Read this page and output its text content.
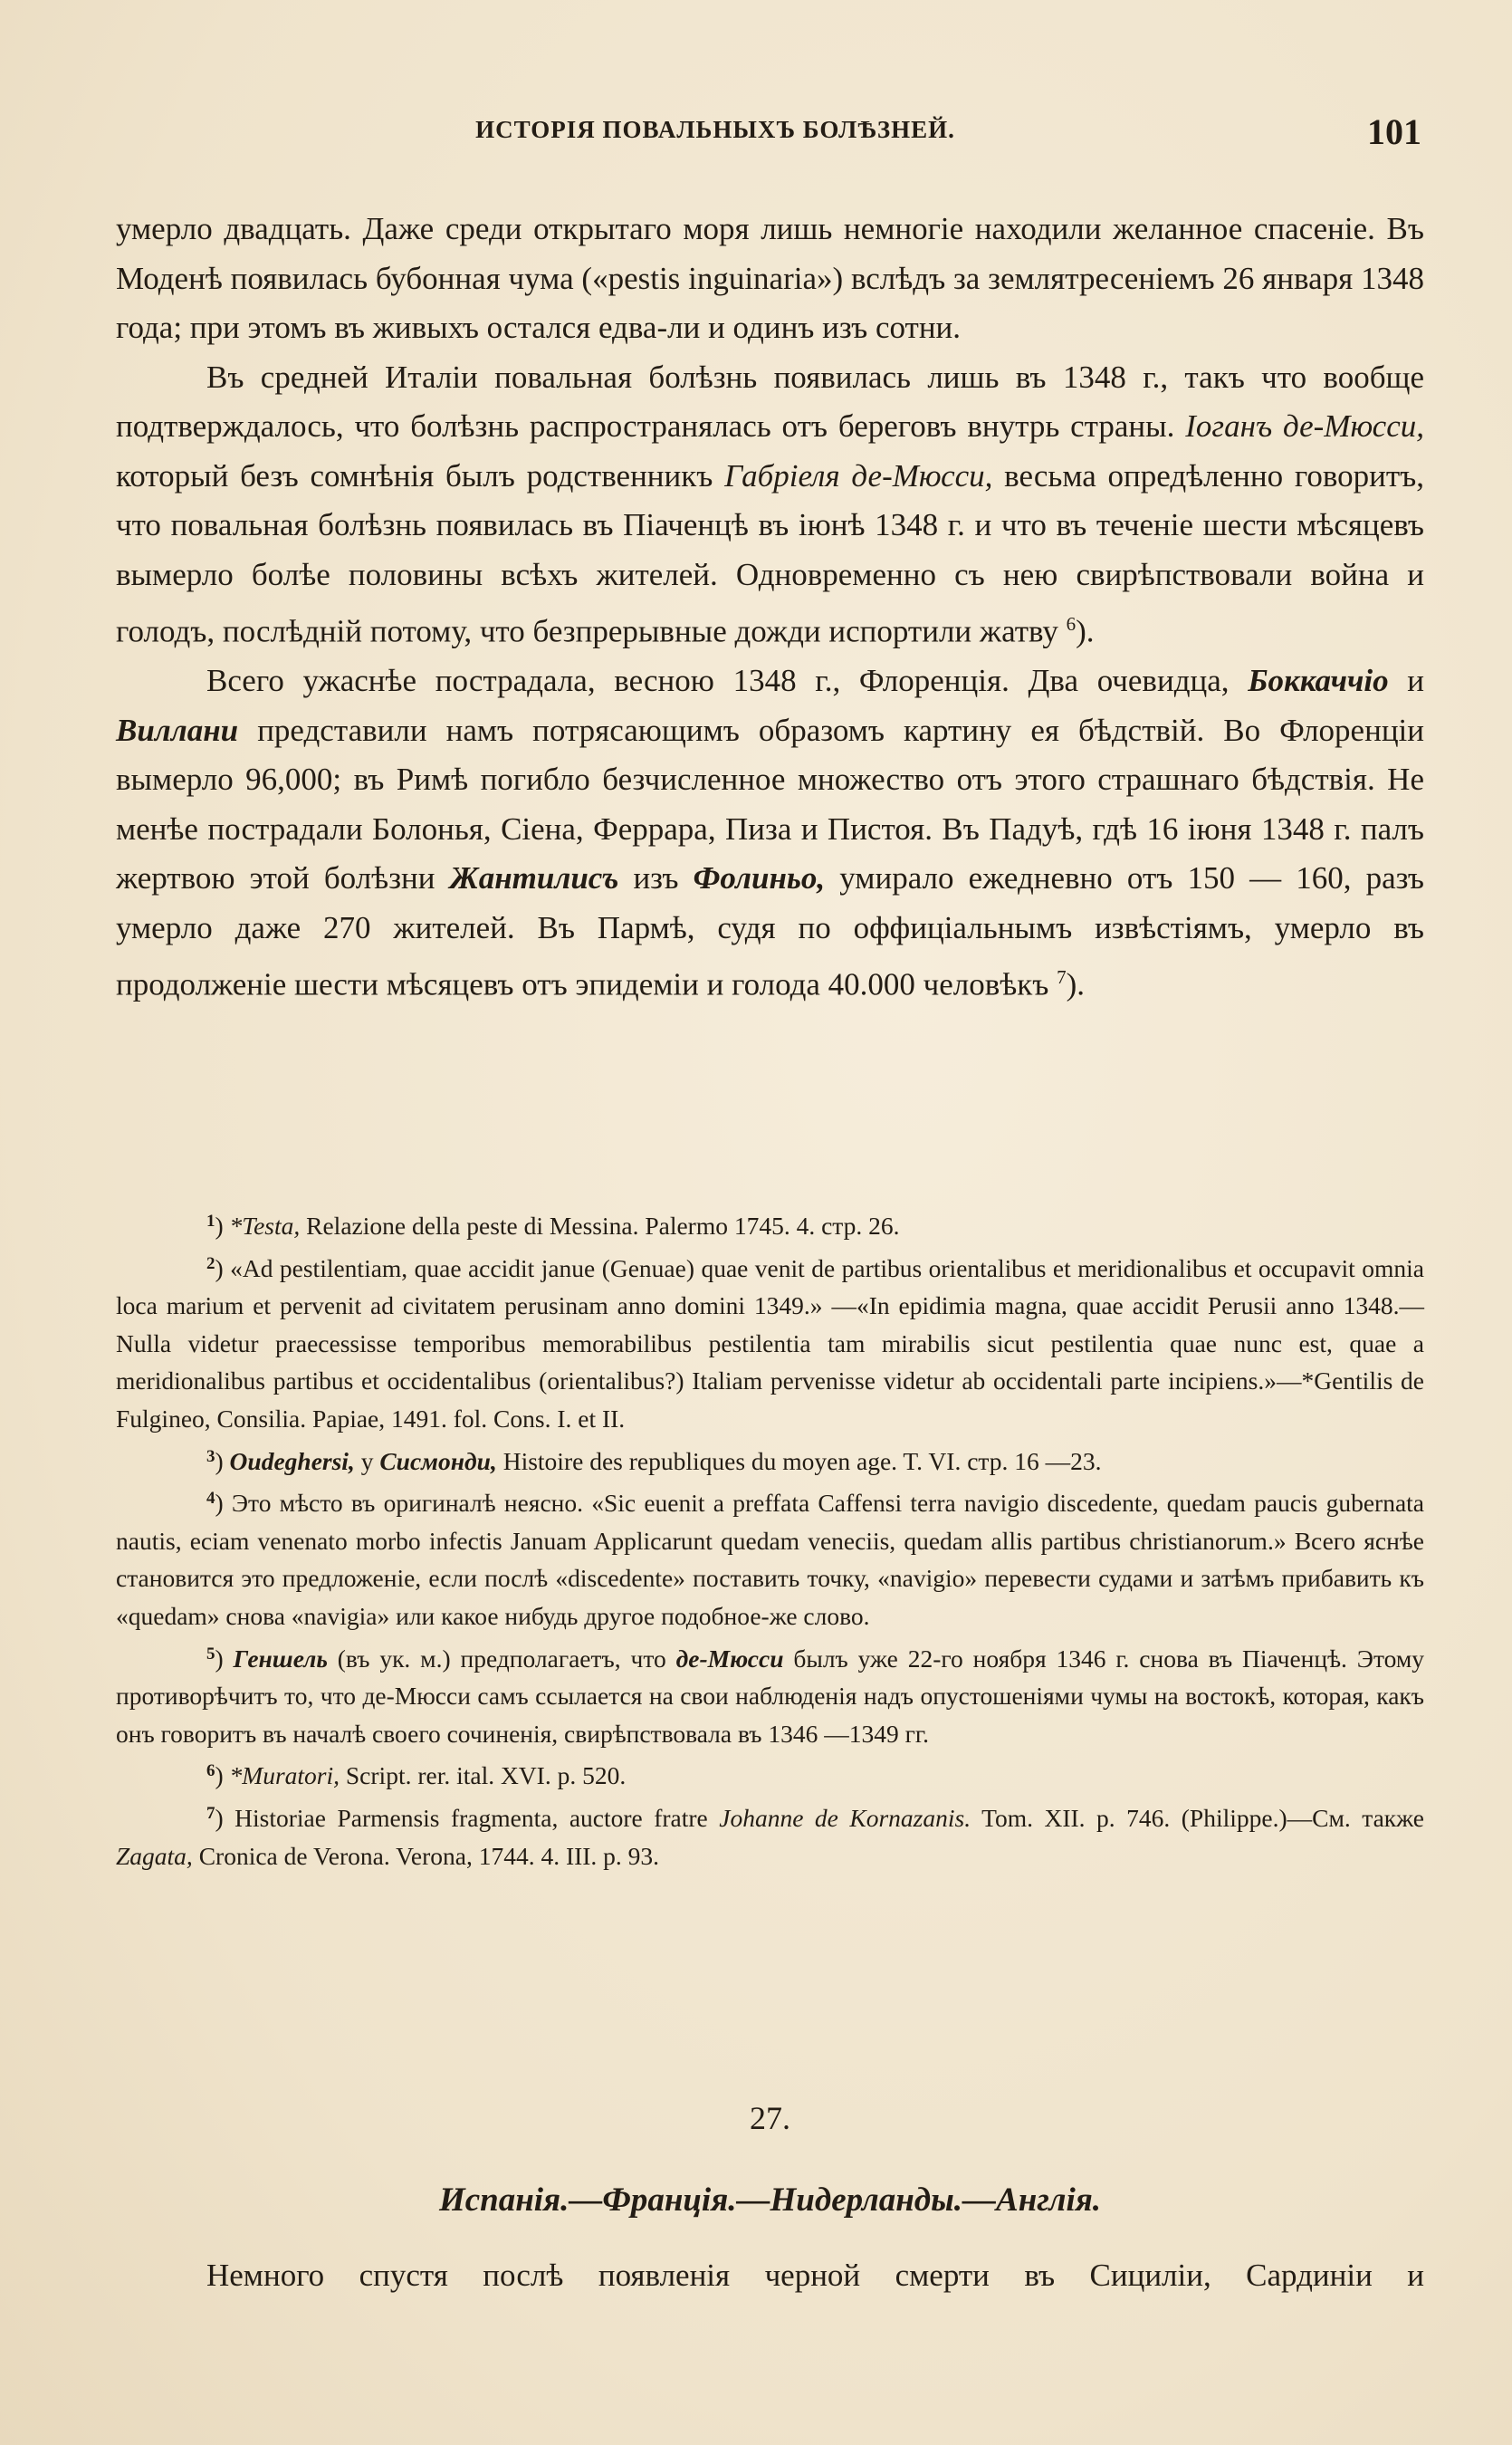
ИСТОРІЯ ПОВАЛЬНЫХЪ БОЛѢЗНЕЙ.	101

умерло двадцать. Даже среди открытаго моря лишь немногіе находили желанное спасеніе. Въ Моденѣ появилась бубонная чума («pestis inguinaria») вслѣдъ за землятресеніемъ 26 января 1348 года; при этомъ въ живыхъ остался едва-ли и одинъ изъ сотни.

Въ средней Италіи повальная болѣзнь появилась лишь въ 1348 г., такъ что вообще подтверждалось, что болѣзнь распространялась отъ береговъ внутрь страны. Іоганъ де-Мюсси, который безъ сомнѣнія былъ родственникъ Габріеля де-Мюсси, весьма опредѣленно говоритъ, что повальная болѣзнь появилась въ Піаченцѣ въ іюнѣ 1348 г. и что въ теченіе шести мѣсяцевъ вымерло болѣе половины всѣхъ жителей. Одновременно съ нею свирѣпствовали война и голодъ, послѣдній потому, что безпрерывные дожди испортили жатву $^6$).

Всего ужаснѣе пострадала, весною 1348 г., Флоренція. Два очевидца, Боккаччіо и Виллани представили намъ потрясающимъ образомъ картину ея бѣдствій. Во Флоренціи вымерло 96,000; въ Римѣ погибло безчисленное множество отъ этого страшнаго бѣдствія. Не менѣе пострадали Болонья, Сіена, Феррара, Пиза и Пистоя. Въ Падуѣ, гдѣ 16 іюня 1348 г. палъ жертвою этой болѣзни Жантилисъ изъ Фолиньо, умирало ежедневно отъ 150 — 160, разъ умерло даже 270 жителей. Въ Пармѣ, судя по оффиціальнымъ извѣстіямъ, умерло въ продолженіе шести мѣсяцевъ отъ эпидеміи и голода 40.000 человѣкъ $^7$).

$^1$) *Testa, Relazione della peste di Messina. Palermo 1745. 4. стр. 26.

$^2$) «Ad pestilentiam, quae accidit janue (Genuae) quae venit de partibus orientalibus et meridionalibus et occupavit omnia loca marium et pervenit ad civitatem perusinam anno domini 1349.» —«In epidimia magna, quae accidit Perusii anno 1348.—Nulla videtur praecessisse temporibus memorabilibus pestilentia tam mirabilis sicut pestilentia quae nunc est, quae a meridionalibus partibus et occidentalibus (orientalibus?) Italiam pervenisse videtur ab occidentali parte incipiens.»—*Gentilis de Fulgineo, Consilia. Papiae, 1491. fol. Cons. I. et II.

$^3$) Oudeghersi, у Сисмонди, Histoire des republiques du moyen age. T. VI. стр. 16 —23.

$^4$) Это мѣсто въ оригиналѣ неясно. «Sic euenit a preffata Caffensi terra navigio discedente, quedam paucis gubernata nautis, eciam venenato morbo infectis Januam Applicarunt quedam veneciis, quedam allis partibus christianorum.» Всего яснѣе становится это предложеніе, если послѣ «discedente» поставить точку, «navigio» перевести судами и затѣмъ прибавить къ «quedam» снова «navigia» или какое нибудь другое подобное-же слово.

$^5$) Геншель (въ ук. м.) предполагаетъ, что де-Мюсси былъ уже 22-го ноября 1346 г. снова въ Піаченцѣ. Этому противорѣчитъ то, что де-Мюсси самъ ссылается на свои наблюденія надъ опустошеніями чумы на востокѣ, которая, какъ онъ говоритъ въ началѣ своего сочиненія, свирѣпствовала въ 1346 —1349 гг.

$^6$) *Muratori, Script. rer. ital. XVI. p. 520.

$^7$) Historiae Parmensis fragmenta, auctore fratre Johanne de Kornazanis. Tom. XII. p. 746. (Philippe.)—См. также Zagata, Cronica de Verona. Verona, 1744. 4. III. p. 93.

27.
Испанія.—Франція.—Нидерланды.—Англія.
Немного спустя послѣ появленія черной смерти въ Сициліи, Сардиніи и
